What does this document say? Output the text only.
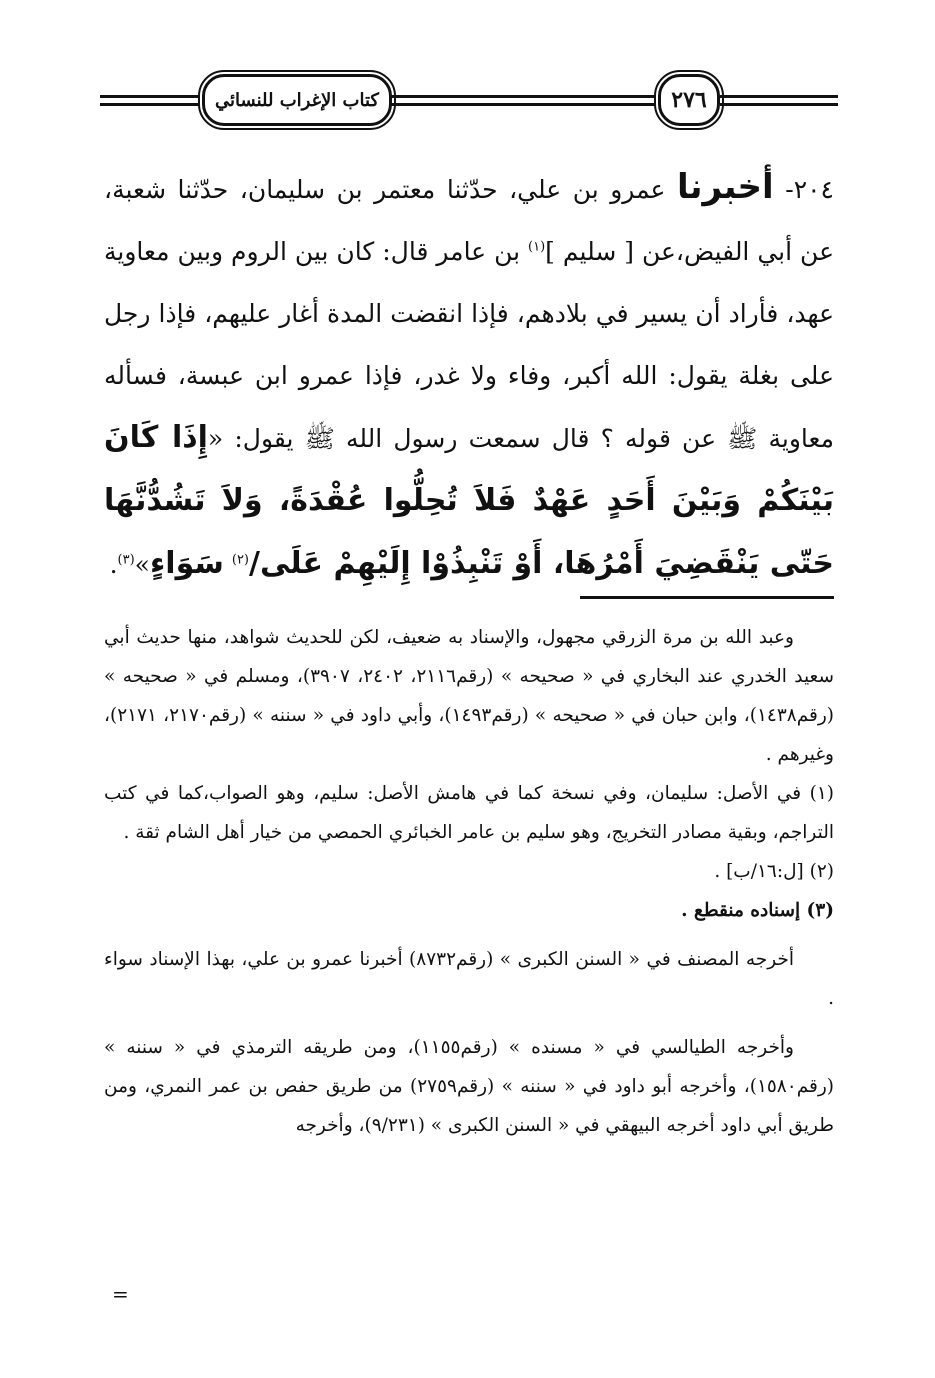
كتاب الإغراب للنسائي	٢٧٦

٢٠٤- أخبرنا عمرو بن علي، حدّثنا معتمر بن سليمان، حدّثنا شعبة، عن أبي الفيض،عن [ سليم ]$^{(١)}$ بن عامر قال: كان بين الروم وبين معاوية عهد، فأراد أن يسير في بلادهم، فإذا انقضت المدة أغار عليهم، فإذا رجل على بغلة يقول: الله أكبر، وفاء ولا غدر، فإذا عمرو ابن عبسة، فسأله معاوية ﷺ عن قوله ؟ قال سمعت رسول الله ﷺ يقول: «إِذَا كَانَ بَيْنَكُمْ وَبَيْنَ أَحَدٍ عَهْدٌ فَلاَ تُحِلُّوا عُقْدَةً، وَلاَ تَشُدُّنَّهَا حَتّى يَنْقَضِيَ أَمْرُهَا، أَوْ تَنْبِذُوْا إِلَيْهِمْ عَلَى/$^{(٢)}$ سَوَاءٍ»$^{(٣)}$.

وعبد الله بن مرة الزرقي مجهول، والإسناد به ضعيف، لكن للحديث شواهد، منها حديث أبي سعيد الخدري عند البخاري في « صحيحه » (رقم٢١١٦، ٢٤٠٢، ٣٩٠٧)، ومسلم في « صحيحه » (رقم١٤٣٨)، وابن حبان في « صحيحه » (رقم١٤٩٣)، وأبي داود في « سننه » (رقم٢١٧٠، ٢١٧١)، وغيرهم .

(١) في الأصل: سليمان، وفي نسخة كما في هامش الأصل: سليم، وهو الصواب،كما في كتب التراجم، وبقية مصادر التخريج، وهو سليم بن عامر الخبائري الحمصي من خيار أهل الشام ثقة .

(٢) [ل:١٦/ب] .

(٣) إسناده منقطع .

أخرجه المصنف في « السنن الكبرى » (رقم٨٧٣٢) أخبرنا عمرو بن علي، بهذا الإسناد سواء .

وأخرجه الطيالسي في « مسنده » (رقم١١٥٥)، ومن طريقه الترمذي في « سننه » (رقم١٥٨٠)، وأخرجه أبو داود في « سننه » (رقم٢٧٥٩) من طريق حفص بن عمر النمري، ومن طريق أبي داود أخرجه البيهقي في « السنن الكبرى » (٩/٢٣١)، وأخرجه

=
